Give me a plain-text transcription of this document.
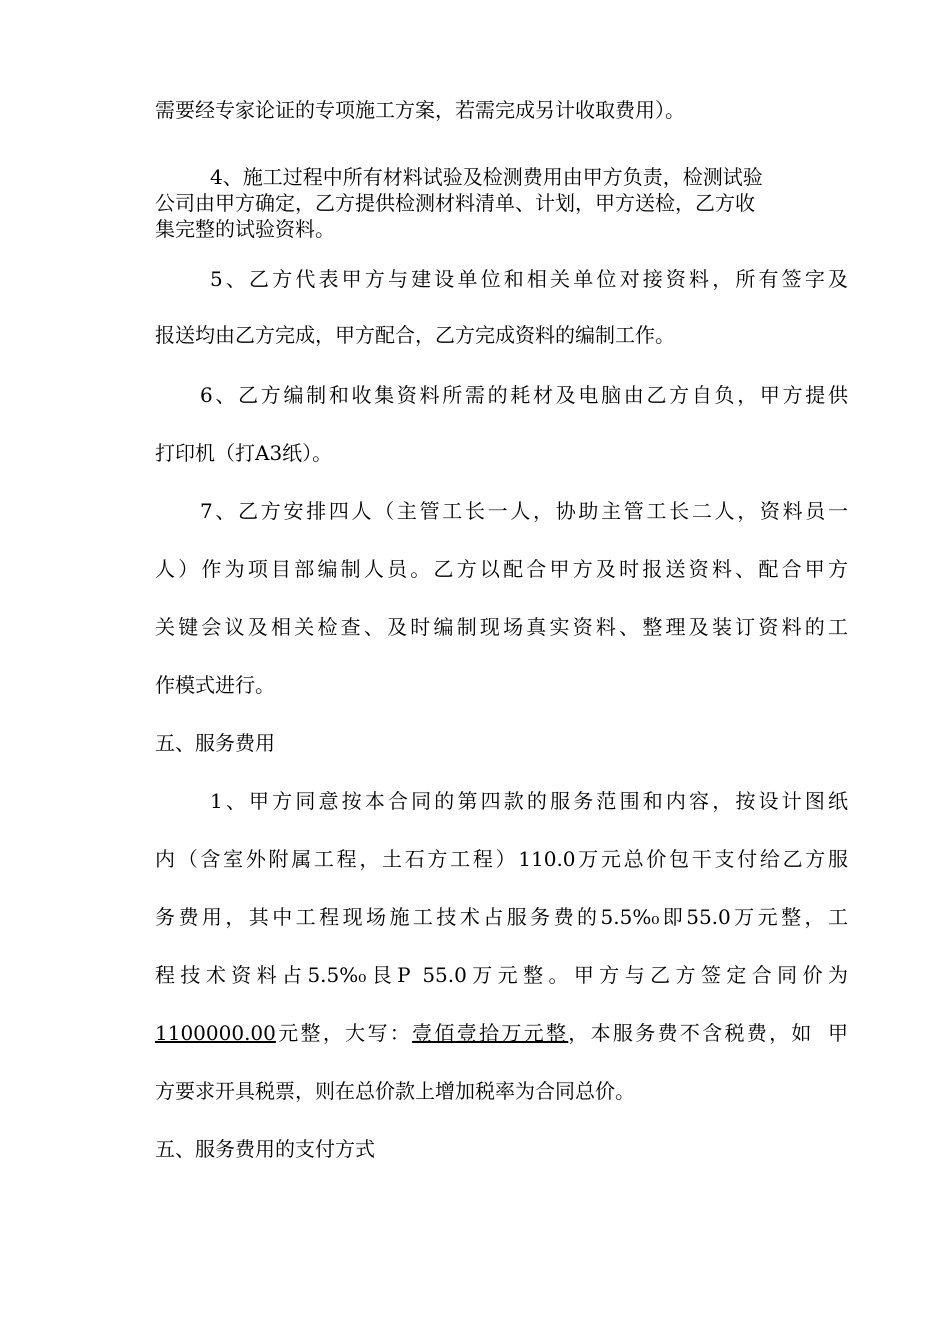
需要经专家论证的专项施工方案，若需完成另计收取费用）。
4、施工过程中所有材料试验及检测费用由甲方负责，检测试验
公司由甲方确定，乙方提供检测材料清单、计划，甲方送检，乙方收
集完整的试验资料。
5、乙方代表甲方与建设单位和相关单位对接资料，所有签字及
报送均由乙方完成，甲方配合，乙方完成资料的编制工作。
6、乙方编制和收集资料所需的耗材及电脑由乙方自负，甲方提供
打印机（打A3纸）。
7、乙方安排四人（主管工长一人，协助主管工长二人，资料员一
人）作为项目部编制人员。乙方以配合甲方及时报送资料、配合甲方
关键会议及相关检查、及时编制现场真实资料、整理及装订资料的工
作模式进行。
五、服务费用
1、甲方同意按本合同的第四款的服务范围和内容，按设计图纸
内（含室外附属工程，土石方工程）110.0万元总价包干支付给乙方服
务费用，其中工程现场施工技术占服务费的5.5%₀即55.0万元整，工
程技术资料占5.5%₀艮P 55.0万元整。甲方与乙方签定合同价为
1100000.00元整，大写：壹佰壹拾万元整，本服务费不含税费，如 甲
方要求开具税票，则在总价款上增加税率为合同总价。
五、服务费用的支付方式
